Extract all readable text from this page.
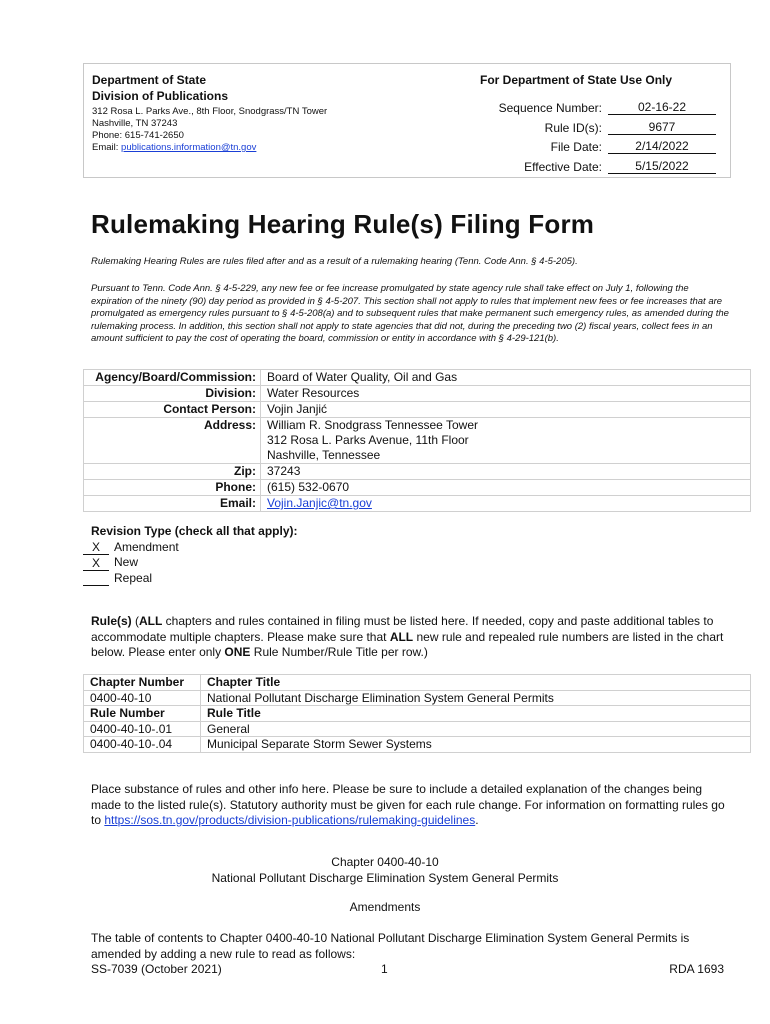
Department of State
Division of Publications
312 Rosa L. Parks Ave., 8th Floor, Snodgrass/TN Tower
Nashville, TN 37243
Phone: 615-741-2650
Email: publications.information@tn.gov
For Department of State Use Only
Sequence Number:	02-16-22
Rule ID(s):	9677
File Date:	2/14/2022
Effective Date:	5/15/2022
Rulemaking Hearing Rule(s) Filing Form

Rulemaking Hearing Rules are rules filed after and as a result of a rulemaking hearing (Tenn. Code Ann. § 4-5-205).

Pursuant to Tenn. Code Ann. § 4-5-229, any new fee or fee increase promulgated by state agency rule shall take effect on July 1, following the expiration of the ninety (90) day period as provided in § 4-5-207. This section shall not apply to rules that implement new fees or fee increases that are promulgated as emergency rules pursuant to § 4-5-208(a) and to subsequent rules that make permanent such emergency rules, as amended during the rulemaking process. In addition, this section shall not apply to state agencies that did not, during the preceding two (2) fiscal years, collect fees in an amount sufficient to pay the cost of operating the board, commission or entity in accordance with § 4-29-121(b).

Agency/Board/Commission:	Board of Water Quality, Oil and Gas
Division:	Water Resources
Contact Person:	Vojin Janjić
Address:	William R. Snodgrass Tennessee Tower
312 Rosa L. Parks Avenue, 11th Floor
Nashville, Tennessee

Zip:	37243
Phone:	(615) 532-0670
Email:	Vojin.Janjic@tn.gov
Revision Type (check all that apply):
X	Amendment
X	New

Repeal

Rule(s) (ALL chapters and rules contained in filing must be listed here. If needed, copy and paste additional tables to accommodate multiple chapters. Please make sure that ALL new rule and repealed rule numbers are listed in the chart below. Please enter only ONE Rule Number/Rule Title per row.)

Chapter Number	Chapter Title
0400-40-10	National Pollutant Discharge Elimination System General Permits
Rule Number	Rule Title
0400-40-10-.01	General
0400-40-10-.04	Municipal Separate Storm Sewer Systems

Place substance of rules and other info here. Please be sure to include a detailed explanation of the changes being made to the listed rule(s). Statutory authority must be given for each rule change. For information on formatting rules go to https://sos.tn.gov/products/division-publications/rulemaking-guidelines.

Chapter 0400-40-10

National Pollutant Discharge Elimination System General Permits

Amendments

The table of contents to Chapter 0400-40-10 National Pollutant Discharge Elimination System General Permits is amended by adding a new rule to read as follows:

SS-7039 (October 2021)	1	RDA 1693
